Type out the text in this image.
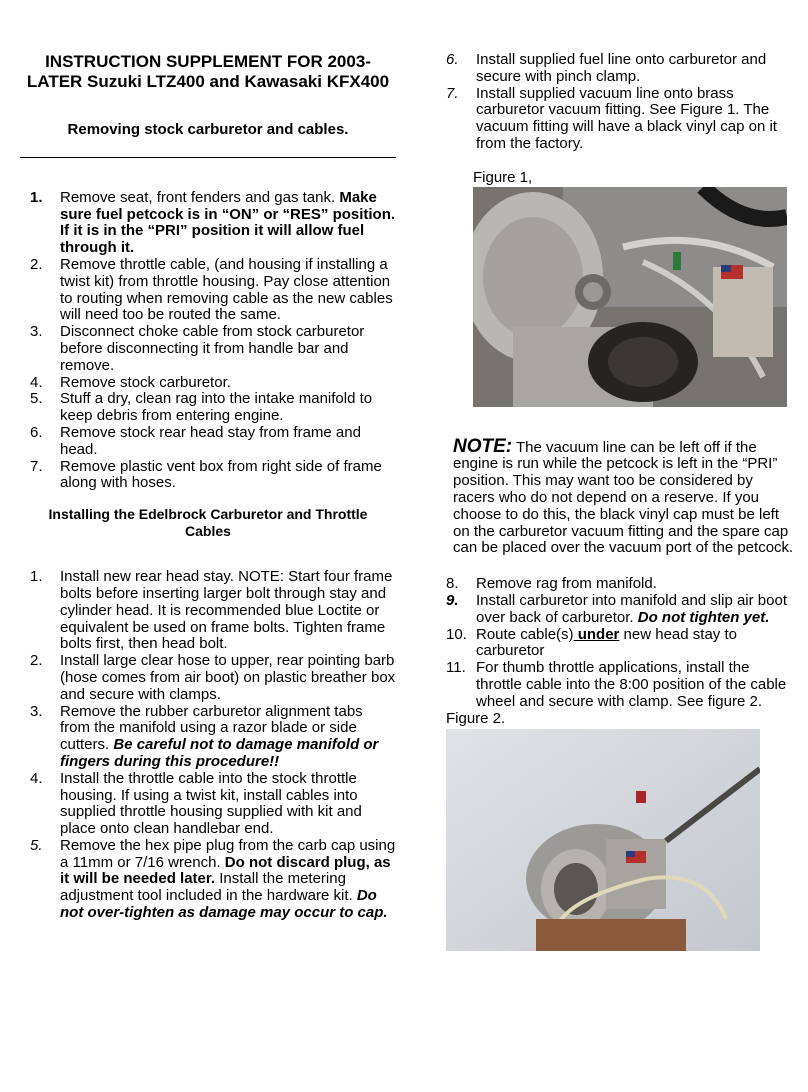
INSTRUCTION SUPPLEMENT FOR 2003-LATER Suzuki LTZ400 and Kawasaki KFX400

Removing stock carburetor and cables.

1.	Remove seat, front fenders and gas tank. Make sure fuel petcock is in “ON” or “RES” position. If it is in the “PRI” position it will allow fuel through it.
2.	Remove throttle cable, (and housing if installing a twist kit) from throttle housing. Pay close attention to routing when removing cable as the new cables will need too be routed the same.
3.	Disconnect choke cable from stock carburetor before disconnecting it from handle bar and remove.
4.	Remove stock carburetor.
5.	Stuff a dry, clean rag into the intake manifold to keep debris from entering engine.
6.	Remove stock rear head stay from frame and head.
7.	Remove plastic vent box from right side of frame along with hoses.

Installing the Edelbrock Carburetor and Throttle Cables

1.	Install new rear head stay. NOTE: Start four frame bolts before inserting larger bolt through stay and cylinder head. It is recommended blue Loctite or equivalent be used on frame bolts. Tighten frame bolts first, then head bolt.
2.	Install large clear hose to upper, rear pointing barb (hose comes from air boot) on plastic breather box and secure with clamps.
3.	Remove the rubber carburetor alignment tabs from the manifold using a razor blade or side cutters. Be careful not to damage manifold or fingers during this procedure!!
4.	Install the throttle cable into the stock throttle housing. If using a twist kit, install cables into supplied throttle housing supplied with kit and place onto clean handlebar end.
5.	Remove the hex pipe plug from the carb cap using a 11mm or 7/16 wrench. Do not discard plug, as it will be needed later. Install the metering adjustment tool included in the hardware kit. Do not over-tighten as damage may occur to cap.
6.	Install supplied fuel line onto carburetor and secure with pinch clamp.
7.	Install supplied vacuum line onto brass carburetor vacuum fitting. See Figure 1. The vacuum fitting will have a black vinyl cap on it from the factory.
Figure 1,
NOTE: The vacuum line can be left off if the engine is run while the petcock is left in the “PRI” position. This may want too be considered by racers who do not depend on a reserve. If you choose to do this, the black vinyl cap must be left on the carburetor vacuum fitting and the spare cap can be placed over the vacuum port of the petcock.
8.	Remove rag from manifold.
9.	Install carburetor into manifold and slip air boot over back of carburetor. Do not tighten yet.
10. Route cable(s) under new head stay to carburetor
11. For thumb throttle applications, install the throttle cable into the 8:00 position of the cable wheel and secure with clamp. See figure 2.
Figure 2.
